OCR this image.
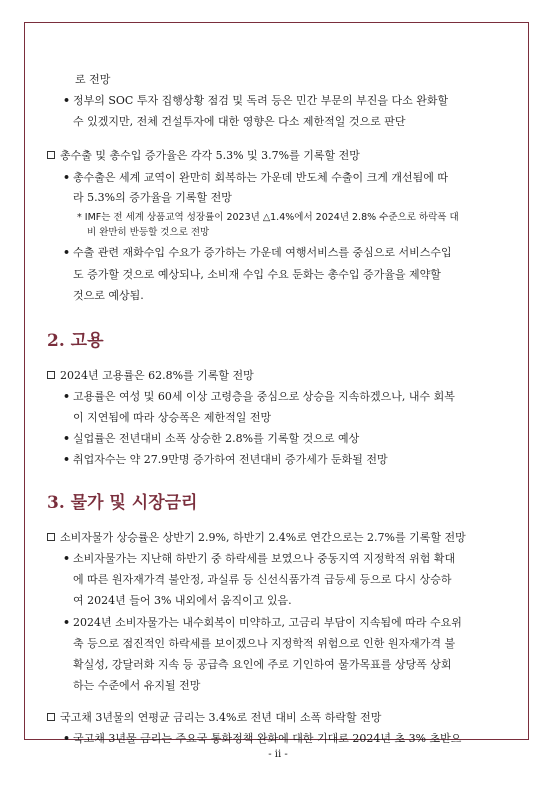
로 전망
• 정부의 SOC 투자 집행상황 점검 및 독려 등은 민간 부문의 부진을 다소 완화할
수 있겠지만, 전체 건설투자에 대한 영향은 다소 제한적일 것으로 판단
총수출 및 총수입 증가율은 각각 5.3% 및 3.7%를 기록할 전망
• 총수출은 세계 교역이 완만히 회복하는 가운데 반도체 수출이 크게 개선됨에 따
라 5.3%의 증가율을 기록할 전망
* IMF는 전 세계 상품교역 성장률이 2023년 △1.4%에서 2024년 2.8% 수준으로 하락폭 대
비 완만히 반등할 것으로 전망
• 수출 관련 재화수입 수요가 증가하는 가운데 여행서비스를 중심으로 서비스수입
도 증가할 것으로 예상되나, 소비재 수입 수요 둔화는 총수입 증가율을 제약할
것으로 예상됨.
2. 고용
2024년 고용률은 62.8%를 기록할 전망
• 고용률은 여성 및 60세 이상 고령층을 중심으로 상승을 지속하겠으나, 내수 회복
이 지연됨에 따라 상승폭은 제한적일 전망
• 실업률은 전년대비 소폭 상승한 2.8%를 기록할 것으로 예상
• 취업자수는 약 27.9만명 증가하여 전년대비 증가세가 둔화될 전망
3. 물가 및 시장금리
소비자물가 상승률은 상반기 2.9%, 하반기 2.4%로 연간으로는 2.7%를 기록할 전망
• 소비자물가는 지난해 하반기 중 하락세를 보였으나 중동지역 지정학적 위험 확대
에 따른 원자재가격 불안정, 과실류 등 신선식품가격 급등세 등으로 다시 상승하
여 2024년 들어 3% 내외에서 움직이고 있음.
• 2024년 소비자물가는 내수회복이 미약하고, 고금리 부담이 지속됨에 따라 수요위
축 등으로 점진적인 하락세를 보이겠으나 지정학적 위험으로 인한 원자재가격 불
확실성, 강달러화 지속 등 공급측 요인에 주로 기인하여 물가목표를 상당폭 상회
하는 수준에서 유지될 전망
국고채 3년물의 연평균 금리는 3.4%로 전년 대비 소폭 하락할 전망
• 국고채 3년물 금리는 주요국 통화정책 완화에 대한 기대로 2024년 초 3% 초반으
- ii -
